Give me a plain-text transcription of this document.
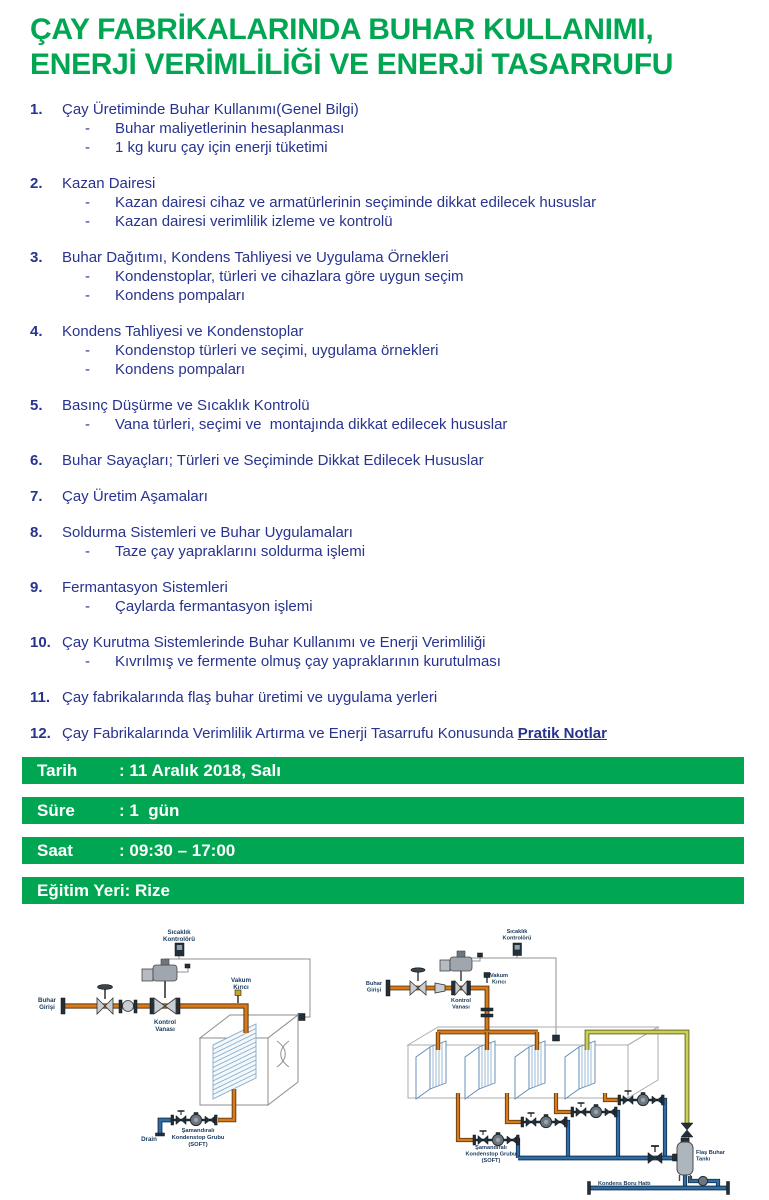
ÇAY FABRİKALARINDA BUHAR KULLANIMI,
ENERJİ VERİMLİLİĞİ VE ENERJİ TASARRUFU
1.	Çay Üretiminde Buhar Kullanımı(Genel Bilgi)
-	Buhar maliyetlerinin hesaplanması
-	1 kg kuru çay için enerji tüketimi
2.	Kazan Dairesi
-	Kazan dairesi cihaz ve armatürlerinin seçiminde dikkat edilecek hususlar
-	Kazan dairesi verimlilik izleme ve kontrolü
3.	Buhar Dağıtımı, Kondens Tahliyesi ve Uygulama Örnekleri
-	Kondenstoplar, türleri ve cihazlara göre uygun seçim
-	Kondens pompaları
4.	Kondens Tahliyesi ve Kondenstoplar
-	Kondenstop türleri ve seçimi, uygulama örnekleri
-	Kondens pompaları
5.	Basınç Düşürme ve Sıcaklık Kontrolü
-	Vana türleri, seçimi ve  montajında dikkat edilecek hususlar
6.	Buhar Sayaçları; Türleri ve Seçiminde Dikkat Edilecek Hususlar
7.	Çay Üretim Aşamaları
8.	Soldurma Sistemleri ve Buhar Uygulamaları
-	Taze çay yapraklarını soldurma işlemi
9.	Fermantasyon Sistemleri
-	Çaylarda fermantasyon işlemi
10. Çay Kurutma Sistemlerinde Buhar Kullanımı ve Enerji Verimliliği
-	Kıvrılmış ve fermente olmuş çay yapraklarının kurutulması
11. Çay fabrikalarında flaş buhar üretimi ve uygulama yerleri
12. Çay Fabrikalarında Verimlilik Artırma ve Enerji Tasarrufu Konusunda Pratik Notlar
Tarih : 11 Aralık 2018, Salı
Süre	: 1  gün
Saat	: 09:30 – 17:00
Eğitim Yeri: Rize
Sıcaklık
Kontrolörü
Buhar
Girişi
Kontrol
Vanası
Vakum
Kırıcı
Drain
Şamandıralı
Kondenstop Grubu
(SOFT)
Sıcaklık
Kontrolörü
Buhar
Girişi
Kontrol
Vanası
Vakum
Kırıcı
Şamandıralı
Kondenstop Grubu
(SOFT)
Flaş Buhar
Tankı
Kondens Boru Hattı
